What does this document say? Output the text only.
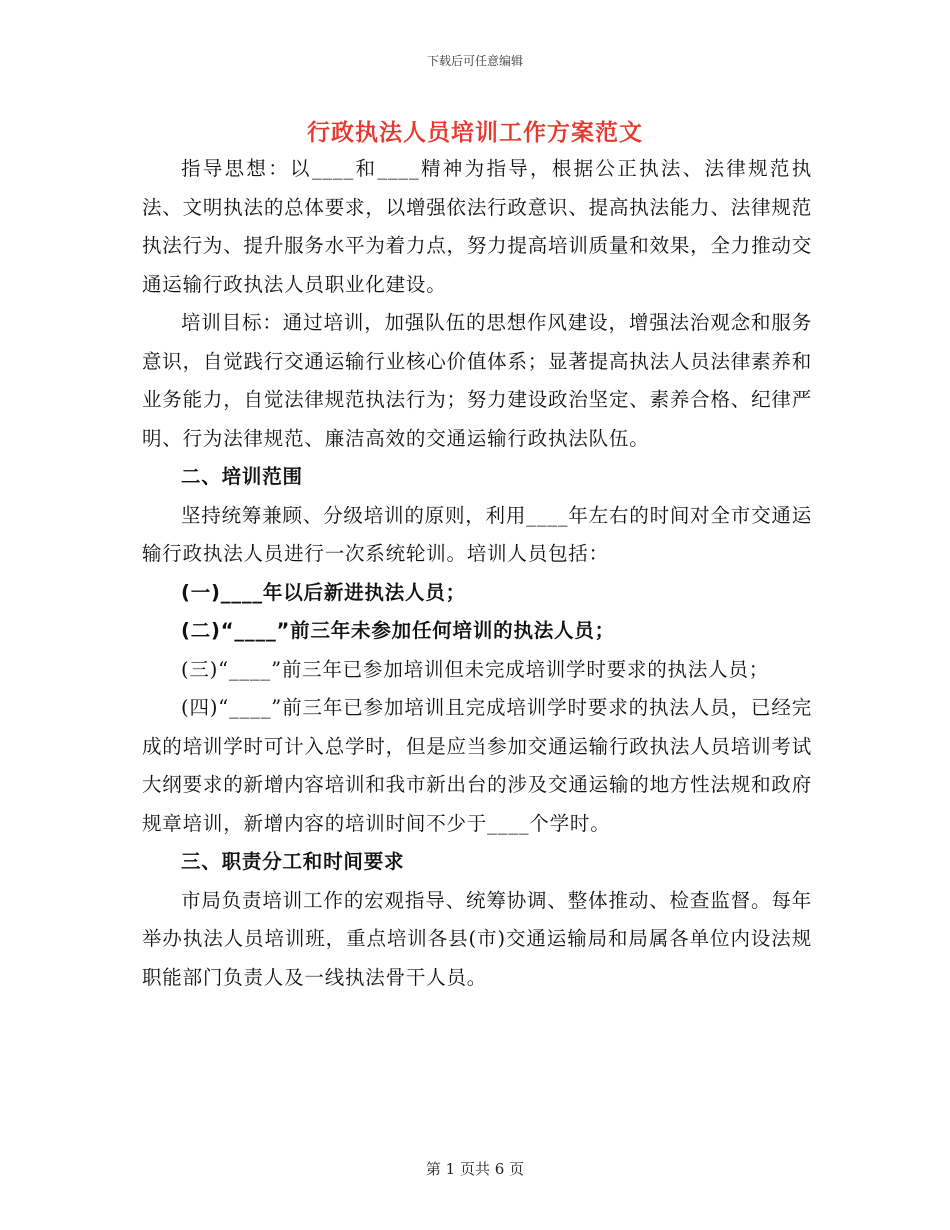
下载后可任意编辑
行政执法人员培训工作方案范文

指导思想：以____和____精神为指导，根据公正执法、法律规范执法、文明执法的总体要求，以增强依法行政意识、提高执法能力、法律规范执法行为、提升服务水平为着力点，努力提高培训质量和效果，全力推动交通运输行政执法人员职业化建设。

培训目标：通过培训，加强队伍的思想作风建设，增强法治观念和服务意识，自觉践行交通运输行业核心价值体系；显著提高执法人员法律素养和业务能力，自觉法律规范执法行为；努力建设政治坚定、素养合格、纪律严明、行为法律规范、廉洁高效的交通运输行政执法队伍。

二、培训范围

坚持统筹兼顾、分级培训的原则，利用____年左右的时间对全市交通运输行政执法人员进行一次系统轮训。培训人员包括：

(一)____年以后新进执法人员；

(二)“____”前三年未参加任何培训的执法人员；

(三)“____”前三年已参加培训但未完成培训学时要求的执法人员；

(四)“____”前三年已参加培训且完成培训学时要求的执法人员，已经完成的培训学时可计入总学时，但是应当参加交通运输行政执法人员培训考试大纲要求的新增内容培训和我市新出台的涉及交通运输的地方性法规和政府规章培训，新增内容的培训时间不少于____个学时。

三、职责分工和时间要求

市局负责培训工作的宏观指导、统筹协调、整体推动、检查监督。每年举办执法人员培训班，重点培训各县(市)交通运输局和局属各单位内设法规职能部门负责人及一线执法骨干人员。

第 1 页共 6 页
